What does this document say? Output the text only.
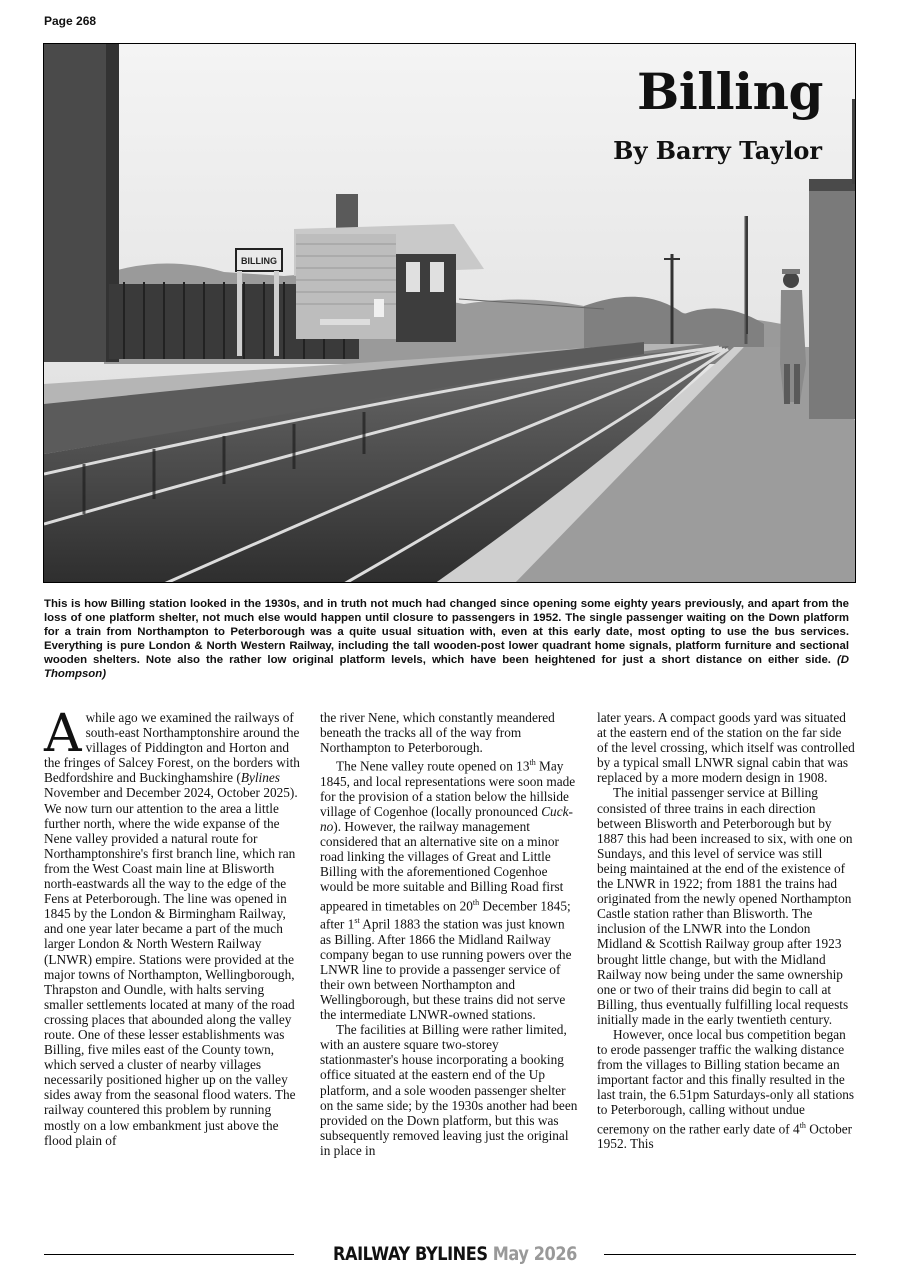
Page 268
BILLING
Billing
By Barry Taylor
This is how Billing station looked in the 1930s, and in truth not much had changed since opening some eighty years previously, and apart from the loss of one platform shelter, not much else would happen until closure to passengers in 1952. The single passenger waiting on the Down platform for a train from Northampton to Peterborough was a quite usual situation with, even at this early date, most opting to use the bus services. Everything is pure London & North Western Railway, including the tall wooden-post lower quadrant home signals, platform furniture and sectional wooden shelters. Note also the rather low original platform levels, which have been heightened for just a short distance on either side. (D Thompson)

A while ago we examined the railways of south-east Northamptonshire around the villages of Piddington and Horton and the fringes of Salcey Forest, on the borders with Bedfordshire and Buckinghamshire (Bylines November and December 2024, October 2025). We now turn our attention to the area a little further north, where the wide expanse of the Nene valley provided a natural route for Northamptonshire's first branch line, which ran from the West Coast main line at Blisworth north-eastwards all the way to the edge of the Fens at Peterborough. The line was opened in 1845 by the London & Birmingham Railway, and one year later became a part of the much larger London & North Western Railway (LNWR) empire. Stations were provided at the major towns of Northampton, Wellingborough, Thrapston and Oundle, with halts serving smaller settlements located at many of the road crossing places that abounded along the valley route. One of these lesser establishments was Billing, five miles east of the County town, which served a cluster of nearby villages necessarily positioned higher up on the valley sides away from the seasonal flood waters. The railway countered this problem by running mostly on a low embankment just above the flood plain of

the river Nene, which constantly meandered beneath the tracks all of the way from Northampton to Peterborough.

The Nene valley route opened on 13th May 1845, and local representations were soon made for the provision of a station below the hillside village of Cogenhoe (locally pronounced Cuck-no). However, the railway management considered that an alternative site on a minor road linking the villages of Great and Little Billing with the aforementioned Cogenhoe would be more suitable and Billing Road first appeared in timetables on 20th December 1845; after 1st April 1883 the station was just known as Billing. After 1866 the Midland Railway company began to use running powers over the LNWR line to provide a passenger service of their own between Northampton and Wellingborough, but these trains did not serve the intermediate LNWR-owned stations.

The facilities at Billing were rather limited, with an austere square two-storey stationmaster's house incorporating a booking office situated at the eastern end of the Up platform, and a sole wooden passenger shelter on the same side; by the 1930s another had been provided on the Down platform, but this was subsequently removed leaving just the original in place in

later years. A compact goods yard was situated at the eastern end of the station on the far side of the level crossing, which itself was controlled by a typical small LNWR signal cabin that was replaced by a more modern design in 1908.

The initial passenger service at Billing consisted of three trains in each direction between Blisworth and Peterborough but by 1887 this had been increased to six, with one on Sundays, and this level of service was still being maintained at the end of the existence of the LNWR in 1922; from 1881 the trains had originated from the newly opened Northampton Castle station rather than Blisworth. The inclusion of the LNWR into the London Midland & Scottish Railway group after 1923 brought little change, but with the Midland Railway now being under the same ownership one or two of their trains did begin to call at Billing, thus eventually fulfilling local requests initially made in the early twentieth century.

However, once local bus competition began to erode passenger traffic the walking distance from the villages to Billing station became an important factor and this finally resulted in the last train, the 6.51pm Saturdays-only all stations to Peterborough, calling without undue ceremony on the rather early date of 4th October 1952. This

RAILWAY BYLINES May 2026
